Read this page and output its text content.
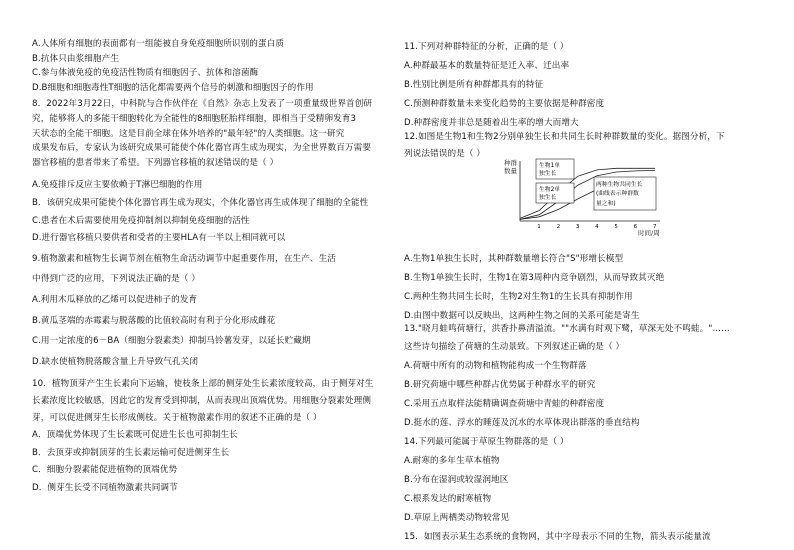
A.人体所有细胞的表面都有一组能被自身免疫细胞所识别的蛋白质
B.抗体只由浆细胞产生
C.参与体液免疫的免疫活性物质有细胞因子、抗体和溶菌酶
D.B细胞和细胞毒性T细胞的活化都需要两个信号的刺激和细胞因子的作用
8．2022年3月22日，中科院与合作伙伴在《自然》杂志上发表了一项重量级世界首创研
究，能够将人的多能干细胞转化为全能性的8细胞胚胎样细胞，即相当于受精卵发育3
天状态的全能干细胞。这是目前全球在体外培养的"最年轻"的人类细胞。这一研究
成果发布后，专家认为该研究成果可能使个体化器官再生成为现实，为全世界数百万需要
器官移植的患者带来了希望。下列器官移植的叙述错误的是（ ）
A.免疫排斥反应主要依赖于T淋巴细胞的作用
B．该研究成果可能使个体化器官再生成为现实，个体化器官再生成体现了细胞的全能性
C.患者在术后需要使用免疫抑制剂以抑制免疫细胞的活性
D.进行器官移植只要供者和受者的主要HLA有一半以上相同就可以
9.植物激素和植物生长调节剂在植物生命活动调节中起重要作用，在生产、生活
中得到广泛的应用，下列说法正确的是（ ）
A.利用木瓜释放的乙烯可以促进柿子的发育
B.黄瓜茎端的赤霉素与脱落酸的比值较高时有利于分化形成雌花
C.用一定浓度的6－BA（细胞分裂素类）抑制马铃薯发芽，以延长贮藏期
D.缺水使植物脱落酸含量上升导致气孔关闭
10．植物顶芽产生生长素向下运输，使枝条上部的侧芽处生长素浓度较高，由于侧芽对生
长素浓度比较敏感，因此它的发育受到抑制，从而表现出顶端优势。用细胞分裂素处理侧
芽，可以促进侧芽生长形成侧枝。关于植物激素作用的叙述不正确的是（ ）
A．顶端优势体现了生长素既可促进生长也可抑制生长
B．去顶芽或抑制顶芽的生长素运输可促进侧芽生长
C．细胞分裂素能促进植物的顶端优势
D．侧芽生长受不同植物激素共同调节
11.下列对种群特征的分析，正确的是（ ）
A.种群最基本的数量特征是迁入率、迁出率
B.性别比例是所有种群都具有的特征
C.预测种群数量未来变化趋势的主要依据是种群密度
D.种群密度并非总是随着出生率的增大而增大
12.如图是生物1和生物2分别单独生长和共同生长时种群数量的变化。据图分析，下
列说法错误的是（ ）
A.生物1单独生长时，其种群数量增长符合"S"形增长模型
B.生物1单独生长时，生物1在第3周种内竞争剧烈，从而导致其灭绝
C.两种生物共同生长时，生物2对生物1的生长具有抑制作用
D.由图中数据可以反映出，这两种生物之间的关系可能是寄生
13."晓月蛙鸣荷塘行，洪香扑鼻清溢流。""水满有时观下鹭，草深无处不鸣蛙。"……
这些诗句描绘了荷塘的生动景致。下列叙述正确的是（ ）
A.荷塘中所有的动物和植物能构成一个生物群落
B.研究荷塘中哪些种群占优势属于种群水平的研究
C.采用五点取样法能精确调查荷塘中青蛙的种群密度
D.挺水的莲、浮水的睡莲及沉水的水草体现出群落的垂直结构
14.下列最可能属于草原生物群落的是（ ）
A.耐寒的多年生草本植物
B.分布在湿润或较湿润地区
C.根系发达的耐寒植物
D.草原上两栖类动物较常见
15．如图表示某生态系统的食物网，其中字母表示不同的生物，箭头表示能量流
种群
数量
1	2	3	4	5	6	7
生物1单
独生长
生物2单
独生长
两种生物共同生长
(曲线表示种群数
量之和)
时间/周
